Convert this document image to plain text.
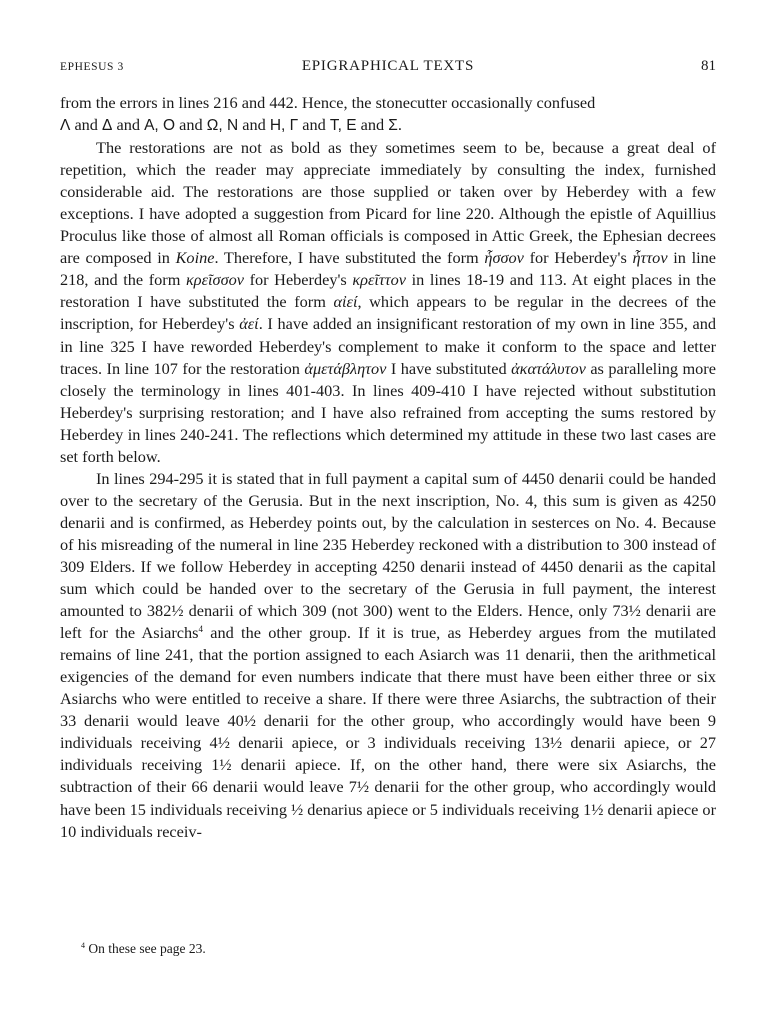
EPHESUS 3	EPIGRAPHICAL TEXTS	81

from the errors in lines 216 and 442. Hence, the stonecutter occasionally confused
Λ and Δ and A, O and Ω, N and H, Γ and T, E and Σ.

The restorations are not as bold as they sometimes seem to be, because a great deal of repetition, which the reader may appreciate immediately by consulting the index, furnished considerable aid. The restorations are those supplied or taken over by Heberdey with a few exceptions. I have adopted a suggestion from Picard for line 220. Although the epistle of Aquillius Proculus like those of almost all Roman officials is composed in Attic Greek, the Ephesian decrees are composed in Koine. Therefore, I have substituted the form ἧσσον for Heberdey's ἧττον in line 218, and the form κρεῖσσον for Heberdey's κρεῖττον in lines 18-19 and 113. At eight places in the restoration I have substituted the form αἰεί, which appears to be regular in the decrees of the inscription, for Heberdey's ἀεί. I have added an insignificant restoration of my own in line 355, and in line 325 I have reworded Heberdey's complement to make it conform to the space and letter traces. In line 107 for the restoration ἀμετάβλητον I have substituted ἀκατάλυτον as paralleling more closely the terminology in lines 401-403. In lines 409-410 I have rejected without substitution Heberdey's surprising restoration; and I have also refrained from accepting the sums restored by Heberdey in lines 240-241. The reflections which determined my attitude in these two last cases are set forth below.

In lines 294-295 it is stated that in full payment a capital sum of 4450 denarii could be handed over to the secretary of the Gerusia. But in the next inscription, No. 4, this sum is given as 4250 denarii and is confirmed, as Heberdey points out, by the calculation in sesterces on No. 4. Because of his misreading of the numeral in line 235 Heberdey reckoned with a distribution to 300 instead of 309 Elders. If we follow Heberdey in accepting 4250 denarii instead of 4450 denarii as the capital sum which could be handed over to the secretary of the Gerusia in full payment, the interest amounted to 382½ denarii of which 309 (not 300) went to the Elders. Hence, only 73½ denarii are left for the Asiarchs$^4$ and the other group. If it is true, as Heberdey argues from the mutilated remains of line 241, that the portion assigned to each Asiarch was 11 denarii, then the arithmetical exigencies of the demand for even numbers indicate that there must have been either three or six Asiarchs who were entitled to receive a share. If there were three Asiarchs, the subtraction of their 33 denarii would leave 40½ denarii for the other group, who accordingly would have been 9 individuals receiving 4½ denarii apiece, or 3 individuals receiving 13½ denarii apiece, or 27 individuals receiving 1½ denarii apiece. If, on the other hand, there were six Asiarchs, the subtraction of their 66 denarii would leave 7½ denarii for the other group, who accordingly would have been 15 individuals receiving ½ denarius apiece or 5 individuals receiving 1½ denarii apiece or 10 individuals receiv-

$^4$ On these see page 23.
